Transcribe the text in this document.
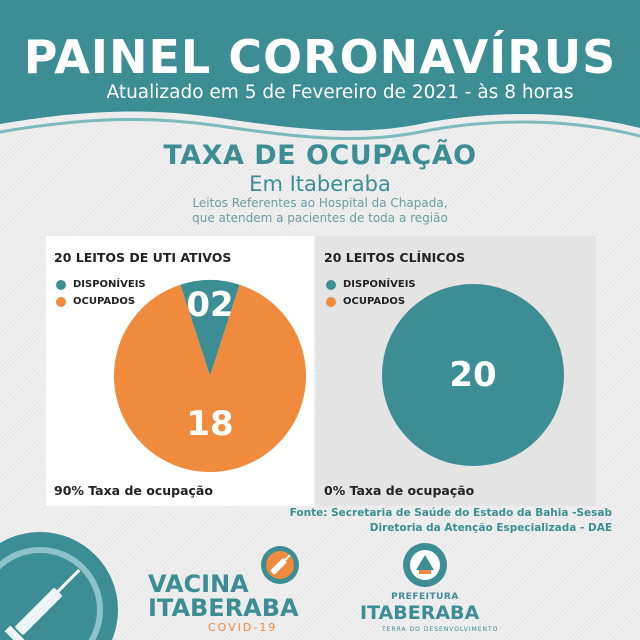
PAINEL CORONAVÍRUS
Atualizado em 5 de Fevereiro de 2021 - às 8 horas
TAXA DE OCUPAÇÃO
Em Itaberaba
Leitos Referentes ao Hospital da Chapada,
que atendem a pacientes de toda a região
20 LEITOS DE UTI ATIVOS
DISPONÍVEIS
OCUPADOS 02
18
90% Taxa de ocupação
20 LEITOS CLÍNICOS
DISPONÍVEIS
OCUPADOS
20
0% Taxa de ocupação
Fonte: Secretaria de Saúde do Estado da Bahia -Sesab
Diretoria da Atenção Especializada - DAE
VACINA
ITABERABA
COVID-19
PREFEITURA
ITABERABA
TERRA DO DESENVOLVIMENTO
